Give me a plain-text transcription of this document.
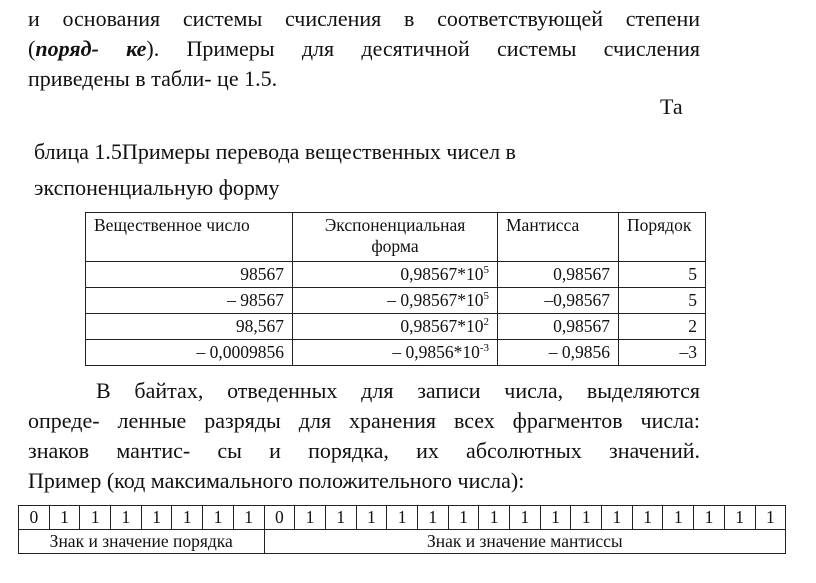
и основания системы счисления в соответствующей степени
(поряд- ке). Примеры для десятичной системы счисления
приведены в табли- це 1.5.
Та
блица 1.5Примеры перевода вещественных чисел в
экспоненциальную форму
Вещественное число	Экспоненциальная форма	Мантисса	Порядок
98567	$0,98567*10^5$	0,98567	5
– 98567	– $0,98567*10^5$	–0,98567	5
98,567	$0,98567*10^2$	0,98567	2
– 0,0009856	– $0,9856*10^{-3}$	– 0,9856	–3
В байтах, отведенных для записи числа, выделяются
опреде- ленные разряды для хранения всех фрагментов числа:
знаков мантис- сы и порядка, их абсолютных значений.
Пример (код максимального положительного числа):
0	1	1	1	1	1	1	1	0	1	1	1	1	1	1	1	1	1	1	1	1	1	1	1	1
Знак и значение порядка								Знак и значение мантиссы																
